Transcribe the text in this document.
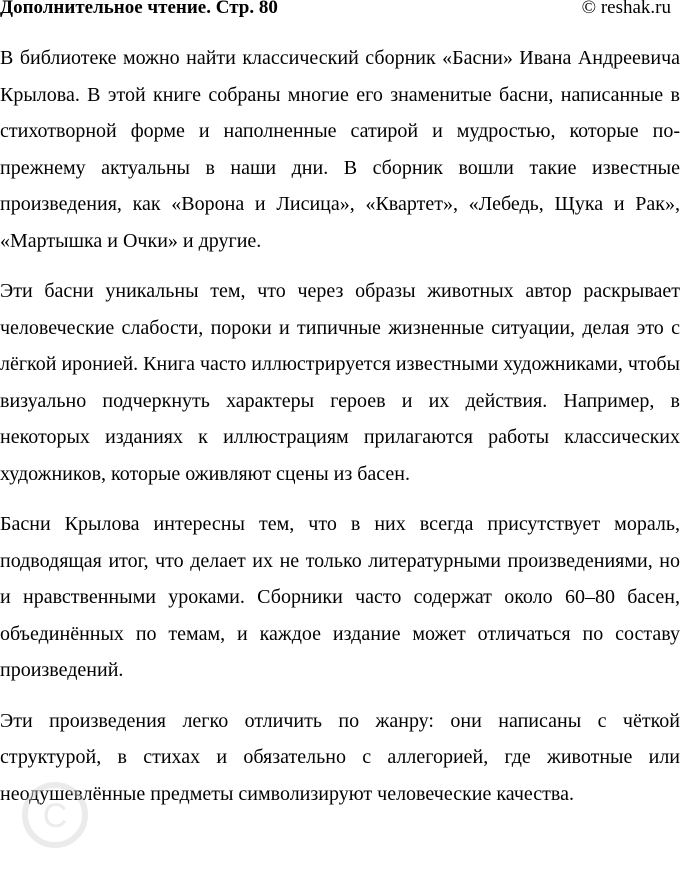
Дополнительное чтение. Стр. 80	© reshak.ru

В библиотеке можно найти классический сборник «Басни» Ивана Андреевича Крылова. В этой книге собраны многие его знаменитые басни, написанные в стихотворной форме и наполненные сатирой и мудростью, которые по-прежнему актуальны в наши дни. В сборник вошли такие известные произведения, как «Ворона и Лисица», «Квартет», «Лебедь, Щука и Рак», «Мартышка и Очки» и другие.

Эти басни уникальны тем, что через образы животных автор раскрывает человеческие слабости, пороки и типичные жизненные ситуации, делая это с лёгкой иронией. Книга часто иллюстрируется известными художниками, чтобы визуально подчеркнуть характеры героев и их действия. Например, в некоторых изданиях к иллюстрациям прилагаются работы классических художников, которые оживляют сцены из басен.

Басни Крылова интересны тем, что в них всегда присутствует мораль, подводящая итог, что делает их не только литературными произведениями, но и нравственными уроками. Сборники часто содержат около 60–80 басен, объединённых по темам, и каждое издание может отличаться по составу произведений.

Эти произведения легко отличить по жанру: они написаны с чёткой структурой, в стихах и обязательно с аллегорией, где животные или неодушевлённые предметы символизируют человеческие качества.

C
